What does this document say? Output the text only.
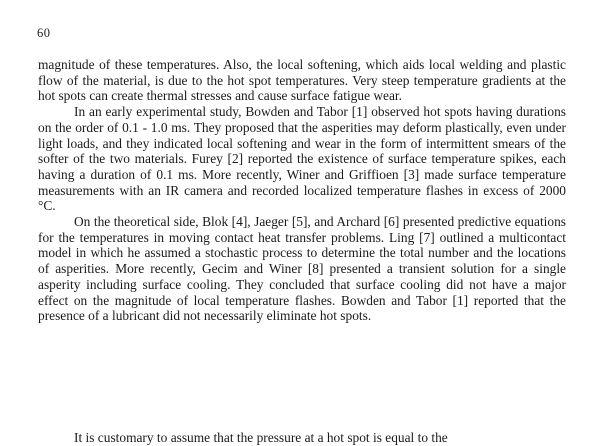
60

magnitude of these temperatures. Also, the local softening, which aids local welding and plastic flow of the material, is due to the hot spot temperatures. Very steep temperature gradients at the hot spots can create thermal stresses and cause surface fatigue wear.

In an early experimental study, Bowden and Tabor [1] observed hot spots having durations on the order of 0.1 - 1.0 ms. They proposed that the asperities may deform plastically, even under light loads, and they indicated local softening and wear in the form of intermittent smears of the softer of the two materials. Furey [2] reported the existence of surface temperature spikes, each having a duration of 0.1 ms. More recently, Winer and Griffioen [3] made surface temperature measurements with an IR camera and recorded localized temperature flashes in excess of 2000 °C.

On the theoretical side, Blok [4], Jaeger [5], and Archard [6] presented predictive equations for the temperatures in moving contact heat transfer problems. Ling [7] outlined a multicontact model in which he assumed a stochastic process to determine the total number and the locations of asperities. More recently, Gecim and Winer [8] presented a transient solution for a single asperity including surface cooling. They concluded that surface cooling did not have a major effect on the magnitude of local temperature flashes. Bowden and Tabor [1] reported that the presence of a lubricant did not necessarily eliminate hot spots.

It is customary to assume that the pressure at a hot spot is equal to the
